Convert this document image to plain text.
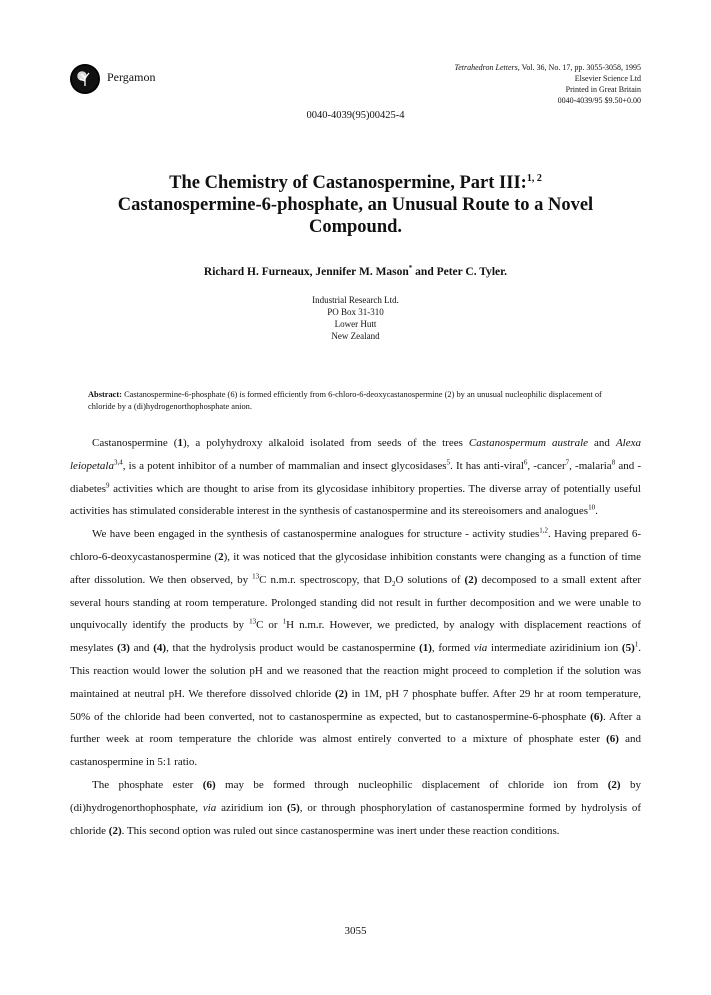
Pergamon
Tetrahedron Letters, Vol. 36, No. 17, pp. 3055-3058, 1995
Elsevier Science Ltd
Printed in Great Britain
0040-4039/95 $9.50+0.00
0040-4039(95)00425-4
The Chemistry of Castanospermine, Part III:$^{1, 2}$
Castanospermine-6-phosphate, an Unusual Route to a Novel
Compound.
Richard H. Furneaux, Jennifer M. Mason* and Peter C. Tyler.
Industrial Research Ltd.
PO Box 31-310
Lower Hutt
New Zealand
Abstract: Castanospermine-6-phosphate (6) is formed efficiently from 6-chloro-6-deoxycastanospermine (2) by an unusual nucleophilic displacement of chloride by a (di)hydrogenorthophosphate anion.

Castanospermine (1), a polyhydroxy alkaloid isolated from seeds of the trees Castanospermum australe and Alexa leiopetala$^{3,4}$, is a potent inhibitor of a number of mammalian and insect glycosidases$^5$. It has anti-viral$^6$, -cancer$^7$, -malaria$^8$ and -diabetes$^9$ activities which are thought to arise from its glycosidase inhibitory properties. The diverse array of potentially useful activities has stimulated considerable interest in the synthesis of castanospermine and its stereoisomers and analogues$^{10}$.

We have been engaged in the synthesis of castanospermine analogues for structure - activity studies$^{1,2}$. Having prepared 6-chloro-6-deoxycastanospermine (2), it was noticed that the glycosidase inhibition constants were changing as a function of time after dissolution. We then observed, by $^{13}$C n.m.r. spectroscopy, that $D_2O$ solutions of (2) decomposed to a small extent after several hours standing at room temperature. Prolonged standing did not result in further decomposition and we were unable to unquivocally identify the products by $^{13}$C or $^1$H n.m.r. However, we predicted, by analogy with displacement reactions of mesylates (3) and (4), that the hydrolysis product would be castanospermine (1), formed via intermediate aziridinium ion $(5)^1$. This reaction would lower the solution pH and we reasoned that the reaction might proceed to completion if the solution was maintained at neutral pH. We therefore dissolved chloride (2) in 1M, pH 7 phosphate buffer. After 29 hr at room temperature, 50% of the chloride had been converted, not to castanospermine as expected, but to castanospermine-6-phosphate (6). After a further week at room temperature the chloride was almost entirely converted to a mixture of phosphate ester (6) and castanospermine in 5:1 ratio.

The phosphate ester (6) may be formed through nucleophilic displacement of chloride ion from (2) by (di)hydrogenorthophosphate, via aziridium ion (5), or through phosphorylation of castanospermine formed by hydrolysis of chloride (2). This second option was ruled out since castanospermine was inert under these reaction conditions.

3055
